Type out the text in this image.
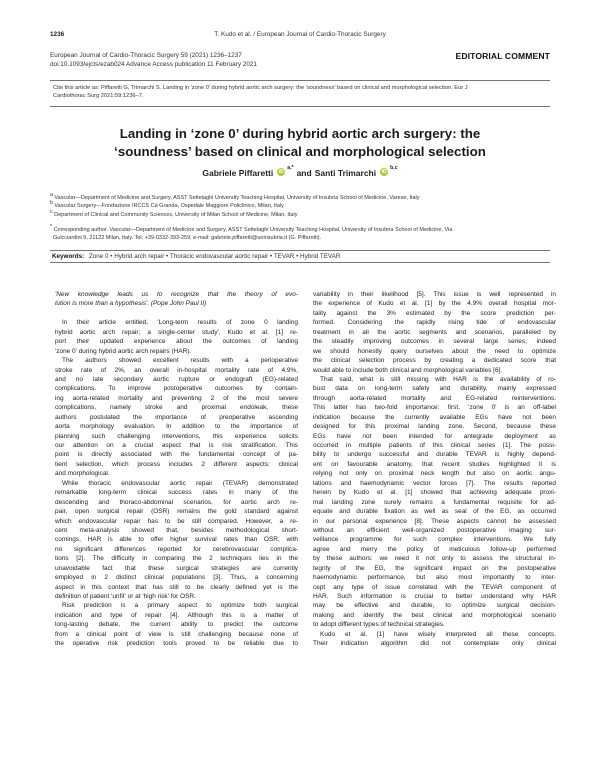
1236	T. Kudo et al. / European Journal of Cardio-Thoracic Surgery
European Journal of Cardio-Thoracic Surgery 59 (2021) 1236–1237
doi:10.1093/ejcts/ezab024 Advance Access publication 11 February 2021
EDITORIAL COMMENT
Cite this article as: Piffaretti G, Trimarchi S. Landing in 'zone 0' during hybrid aortic arch surgery: the 'soundness' based on clinical and morphological selection. Eur J
Cardiothorac Surg 2021;59:1236–7.
Landing in ‘zone 0’ during hybrid aortic arch surgery: the
‘soundness’ based on clinical and morphological selection
Gabriele Piffaretti	iD
a,* and Santi Trimarchi	iD
b,c
a Vascular—Department of Medicine and Surgery, ASST Settelaghi University Teaching Hospital, University of Insubria School of Medicine, Varese, Italy
b Vascular Surgery—Fondazione IRCCS Cà Granda, Ospedale Maggiore Policlinico, Milan, Italy
c Department of Clinical and Community Sciences, University of Milan School of Medicine, Milan, Italy
* Corresponding author. Vascular—Department of Medicine and Surgery, ASST Settelaghi University Teaching Hospital, University of Insubria School of Medicine, Via
Guicciardini 9, 21122 Milan, Italy. Tel: +39-0332-393-259; e-mail: gabriele.piffaretti@uninsubria.it (G. Piffaretti).
Keywords: Zone 0 • Hybrid arch repair • Thoracic endovascular aortic repair • TEVAR • Hybrid TEVAR

'New knowledge leads us to recognize that the theory of evo-

lution is more than a hypothesis'. (Pope John Paul II)

In their article entitled, 'Long-term results of zone 0 landing

hybrid aortic arch repair; a single-center study', Kudo et al. [1] re-

port their updated experience about the outcomes of landing

'zone 0' during hybrid aortic arch repairs (HAR).

The authors showed excellent results with a perioperative

stroke rate of 2%, an overall in-hospital mortality rate of 4.9%,

and no late secondary aortic rupture or endograft (EG)-related

complications. To improve postoperative outcomes by contain-

ing aorta-related mortality and preventing 2 of the most severe

complications, namely stroke and proximal endoleak, these

authors postulated the importance of preoperative ascending

aorta morphology evaluation. In addition to the importance of

planning such challenging interventions, this experience solicits

our attention on a crucial aspect that is risk stratification. This

point is directly associated with the fundamental concept of pa-

tient selection, which process includes 2 different aspects: clinical

and morphological.

While thoracic endovascular aortic repair (TEVAR) demonstrated

remarkable long-term clinical success rates in many of the

descending and thoraco-abdominal scenarios, for aortic arch re-

pair, open surgical repair (OSR) remains the gold standard against

which endovascular repair has to be still compared. However, a re-

cent meta-analysis showed that, besides methodological short-

comings, HAR is able to offer higher survival rates than OSR, with

no significant differences reported for cerebrovascular complica-

tions [2]. The difficulty in comparing the 2 techniques lies in the

unavoidable fact that these surgical strategies are currently

employed in 2 distinct clinical populations [3]. Thus, a concerning

aspect in this context that has still to be clearly defined yet is the

definition of patient 'unfit' or at 'high risk' for OSR.

Risk prediction is a primary aspect to optimize both surgical

indication and type of repair [4]. Although this is a matter of

long-lasting debate, the current ability to predict the outcome

from a clinical point of view is still challenging because none of

the operative risk prediction tools proved to be reliable due to

variability in their likelihood [5]. This issue is well represented in

the experience of Kudo et al. [1] by the 4.9% overall hospital mor-

tality against the 3% estimated by the score prediction per-

formed. Considering the rapidly rising tide of endovascular

treatment in all the aortic segments and scenarios, paralleled by

the steadily improving outcomes in several large series, indeed

we should honestly query ourselves about the need to optimize

the clinical selection process by creating a dedicated score that

would able to include both clinical and morphological variables [6].

That said, what is still missing with HAR is the availability of ro-

bust data on long-term safety and durability, mainly expressed

through aorta-related mortality and EG-related reinterventions.

This latter has two-fold importance: first, 'zone 0' is an off-label

indication because the currently available EGs have not been

designed for this proximal landing zone. Second, because these

EGs have not been intended for antegrade deployment as

occurred in multiple patients of this clinical series [1]. The possi-

bility to undergo successful and durable TEVAR is highly depend-

ent on favourable anatomy, that recent studies highlighted it is

relying not only on proximal neck length but also on aortic angu-

lations and haemodynamic vector forces [7]. The results reported

herein by Kudo et al. [1] showed that achieving adequate proxi-

mal landing zone surely remains a fundamental requisite for ad-

equate and durable fixation as well as seal of the EG, as occurred

in our personal experience [8]. These aspects cannot be assessed

without an efficient well-organized postoperative imaging sur-

veillance programme for such complex interventions. We fully

agree and merry the policy of meticulous follow-up performed

by these authors: we need it not only to assess the structural in-

tegrity of the EG, the significant impact on the postoperative

haemodynamic performance, but also most importantly to inter-

cept any type of issue correlated with the TEVAR component of

HAR. Such information is crucial to better understand why HAR

may be effective and durable, to optimize surgical decision-

making and identify the best clinical and morphological scenario

to adopt different types of technical strategies.

Kudo et al. [1] have wisely interpreted all these concepts.

Their indication algorithm did not contemplate only clinical
